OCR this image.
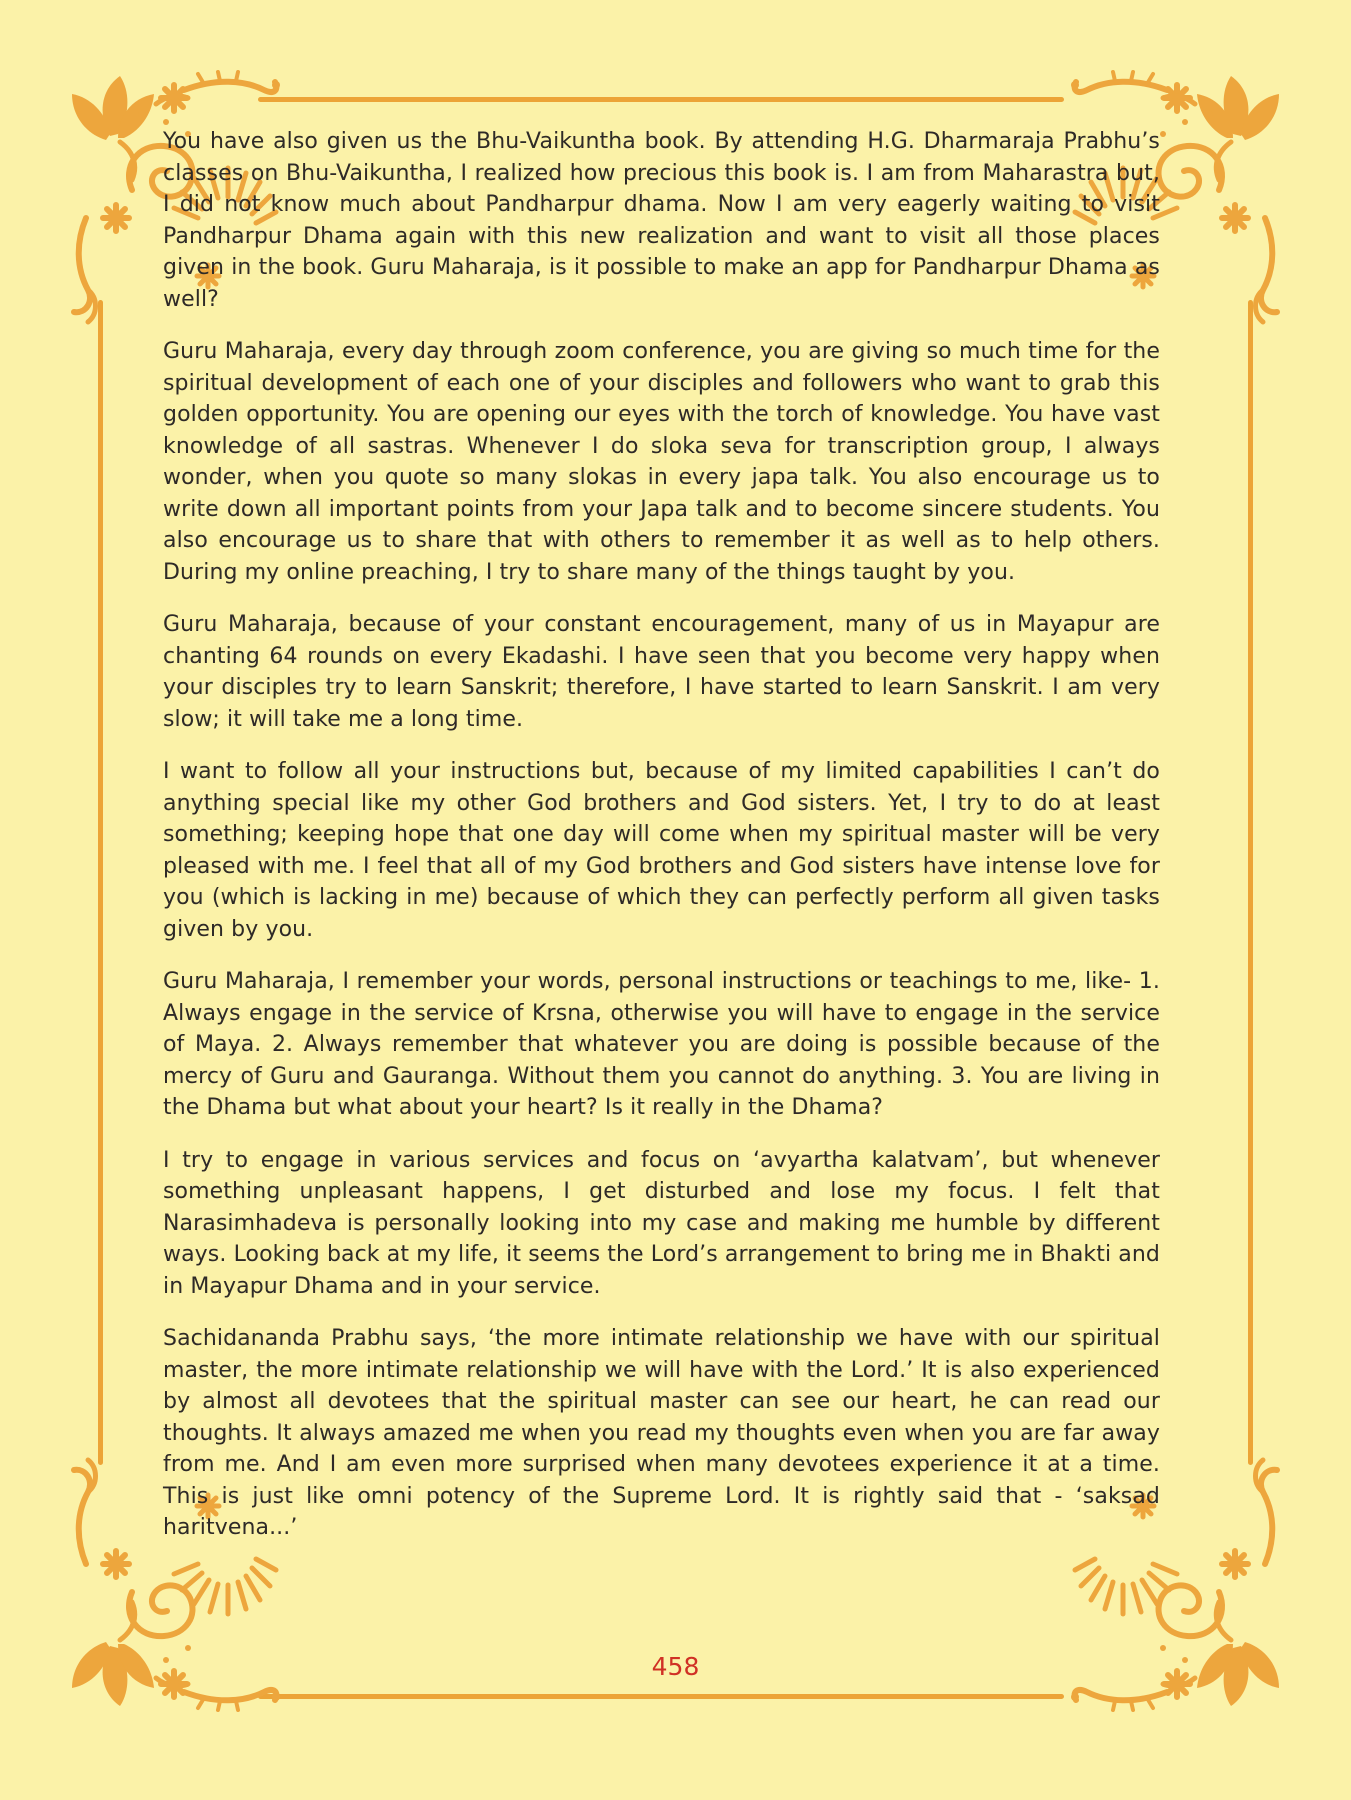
You have also given us the Bhu-Vaikuntha book. By attending H.G. Dharmaraja Prabhu’s classes on Bhu-Vaikuntha, I realized how precious this book is. I am from Maharastra but, I did not know much about Pandharpur dhama. Now I am very eagerly waiting to visit Pandharpur Dhama again with this new realization and want to visit all those places given in the book. Guru Maharaja, is it possible to make an app for Pandharpur Dhama as well?

Guru Maharaja, every day through zoom conference, you are giving so much time for the spiritual development of each one of your disciples and followers who want to grab this golden opportunity. You are opening our eyes with the torch of knowledge. You have vast knowledge of all sastras. Whenever I do sloka seva for transcription group, I always wonder, when you quote so many slokas in every japa talk. You also encourage us to write down all important points from your Japa talk and to become sincere students. You also encourage us to share that with others to remember it as well as to help others. During my online preaching, I try to share many of the things taught by you.

Guru Maharaja, because of your constant encouragement, many of us in Mayapur are chanting 64 rounds on every Ekadashi. I have seen that you become very happy when your disciples try to learn Sanskrit; therefore, I have started to learn Sanskrit. I am very slow; it will take me a long time.

I want to follow all your instructions but, because of my limited capabilities I can’t do anything special like my other God brothers and God sisters. Yet, I try to do at least something; keeping hope that one day will come when my spiritual master will be very pleased with me. I feel that all of my God brothers and God sisters have intense love for you (which is lacking in me) because of which they can perfectly perform all given tasks given by you.

Guru Maharaja, I remember your words, personal instructions or teachings to me, like- 1. Always engage in the service of Krsna, otherwise you will have to engage in the service of Maya. 2. Always remember that whatever you are doing is possible because of the mercy of Guru and Gauranga. Without them you cannot do anything. 3. You are living in the Dhama but what about your heart? Is it really in the Dhama?

I try to engage in various services and focus on ‘avyartha kalatvam’, but whenever something unpleasant happens, I get disturbed and lose my focus. I felt that Narasimhadeva is personally looking into my case and making me humble by different ways. Looking back at my life, it seems the Lord’s arrangement to bring me in Bhakti and in Mayapur Dhama and in your service.

Sachidananda Prabhu says, ‘the more intimate relationship we have with our spiritual master, the more intimate relationship we will have with the Lord.’ It is also experienced by almost all devotees that the spiritual master can see our heart, he can read our thoughts. It always amazed me when you read my thoughts even when you are far away from me. And I am even more surprised when many devotees experience it at a time. This is just like omni potency of the Supreme Lord. It is rightly said that - ‘saksad haritvena...’

458
